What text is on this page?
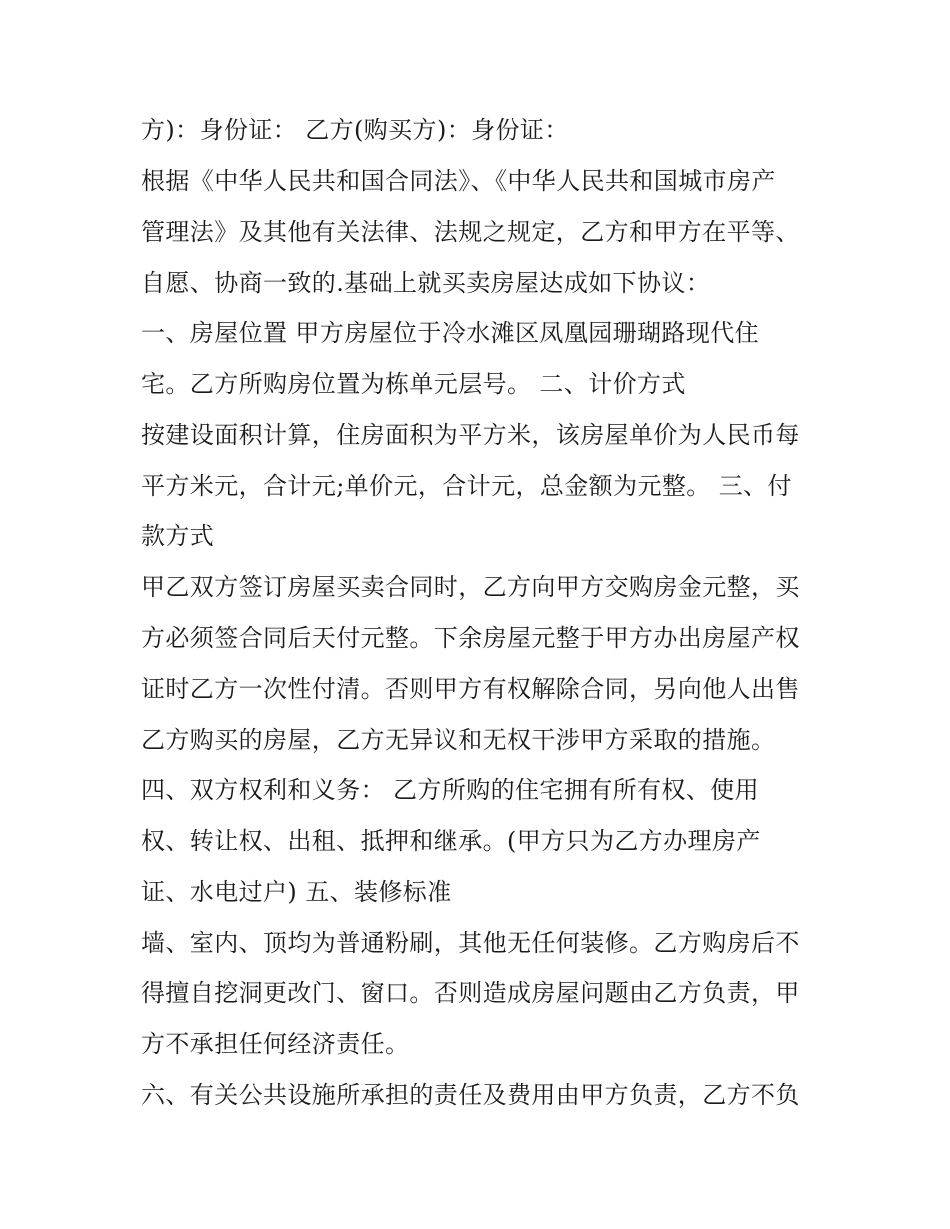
方)：身份证： 乙方(购买方)：身份证：
根据《中华人民共和国合同法》、《中华人民共和国城市房产
管理法》及其他有关法律、法规之规定，乙方和甲方在平等、
自愿、协商一致的.基础上就买卖房屋达成如下协议：
一、房屋位置 甲方房屋位于冷水滩区凤凰园珊瑚路现代住
宅。乙方所购房位置为栋单元层号。 二、计价方式
按建设面积计算，住房面积为平方米，该房屋单价为人民币每
平方米元，合计元;单价元，合计元，总金额为元整。 三、付
款方式
甲乙双方签订房屋买卖合同时，乙方向甲方交购房金元整，买
方必须签合同后天付元整。下余房屋元整于甲方办出房屋产权
证时乙方一次性付清。否则甲方有权解除合同，另向他人出售
乙方购买的房屋，乙方无异议和无权干涉甲方采取的措施。
四、双方权利和义务： 乙方所购的住宅拥有所有权、使用
权、转让权、出租、抵押和继承。(甲方只为乙方办理房产
证、水电过户) 五、装修标准
墙、室内、顶均为普通粉刷，其他无任何装修。乙方购房后不
得擅自挖洞更改门、窗口。否则造成房屋问题由乙方负责，甲
方不承担任何经济责任。
六、有关公共设施所承担的责任及费用由甲方负责，乙方不负
